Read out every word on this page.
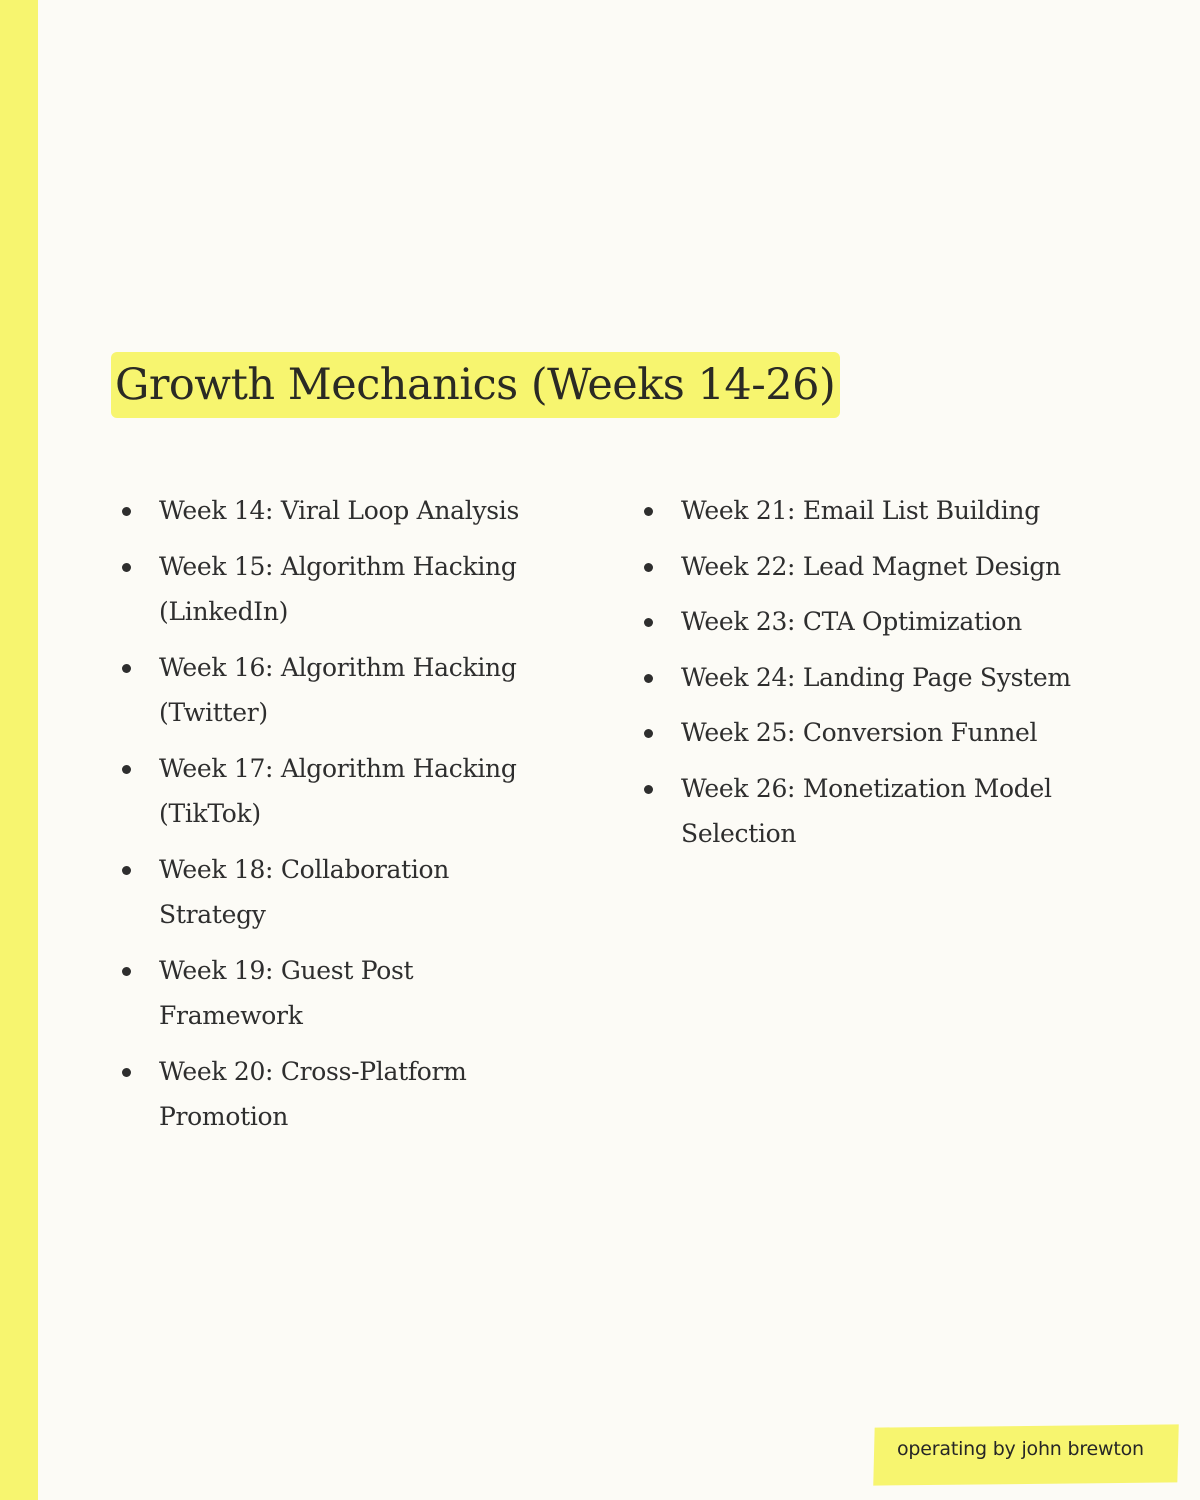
Growth Mechanics (Weeks 14-26)
Week 14: Viral Loop Analysis
Week 15: Algorithm Hacking (LinkedIn)
Week 16: Algorithm Hacking (Twitter)
Week 17: Algorithm Hacking (TikTok)
Week 18: Collaboration Strategy
Week 19: Guest Post Framework
Week 20: Cross-Platform Promotion
Week 21: Email List Building
Week 22: Lead Magnet Design
Week 23: CTA Optimization
Week 24: Landing Page System
Week 25: Conversion Funnel
Week 26: Monetization Model Selection
operating by john brewton
